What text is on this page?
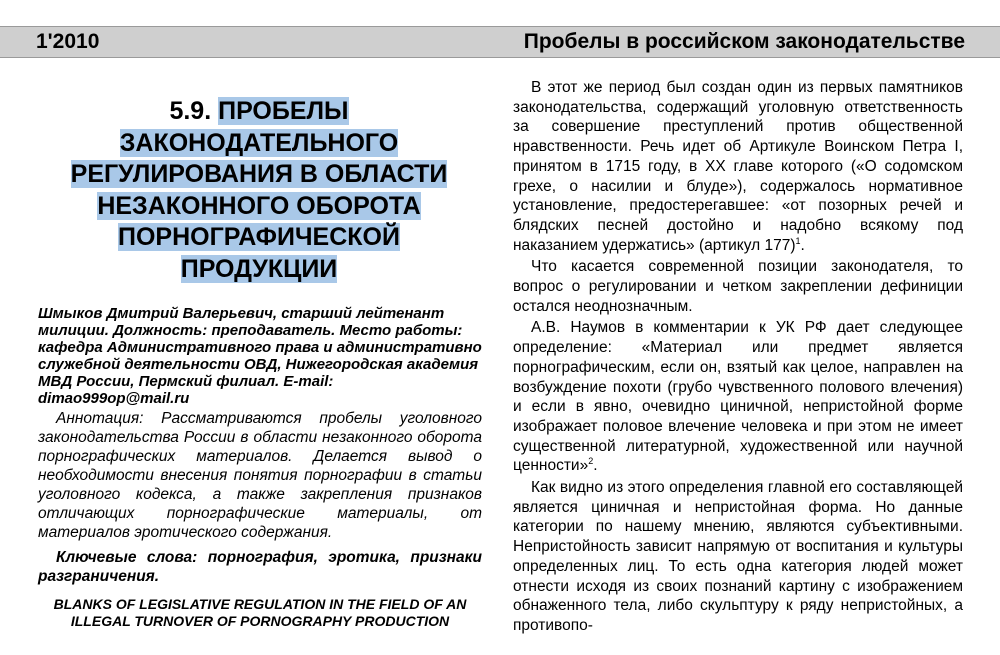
1'2010	Пробелы в российском законодательстве
5.9. ПРОБЕЛЫ
ЗАКОНОДАТЕЛЬНОГО
РЕГУЛИРОВАНИЯ В ОБЛАСТИ
НЕЗАКОННОГО ОБОРОТА
ПОРНОГРАФИЧЕСКОЙ
ПРОДУКЦИИ
Шмыков Дмитрий Валерьевич, старший лейтенант милиции. Должность: преподаватель. Место работы: кафедра Административного права и административно служебной деятельности ОВД, Нижегородская академия МВД России, Пермский филиал. E-mail: dimao999op@mail.ru
Аннотация: Рассматриваются пробелы уголовного законодательства России в области незаконного оборота порнографических материалов. Делается вывод о необходимости внесения понятия порнографии в статьи уголовного кодекса, а также закрепления признаков отличающих порнографические материалы, от материалов эротического содержания.
Ключевые слова: порнография, эротика, признаки разграничения.
BLANKS OF LEGISLATIVE REGULATION IN THE FIELD OF AN ILLEGAL TURNOVER OF PORNOGRAPHY PRODUCTION

В этот же период был создан один из первых памятников законодательства, содержащий уголовную ответственность за совершение преступлений против общественной нравственности. Речь идет об Артикуле Воинском Петра I, принятом в 1715 году, в XX главе которого («О содомском грехе, о насилии и блуде»), содержалось нормативное установление, предостерегавшее: «от позорных речей и блядских песней достойно и надобно всякому под наказанием удержатись» (артикул 177)$^1$.

Что касается современной позиции законодателя, то вопрос о регулировании и четком закреплении дефиниции остался неоднозначным.

А.В. Наумов в комментарии к УК РФ дает следующее определение: «Материал или предмет является порнографическим, если он, взятый как целое, направлен на возбуждение похоти (грубо чувственного полового влечения) и если в явно, очевидно циничной, непристойной форме изображает половое влечение человека и при этом не имеет существенной литературной, художественной или научной ценности»$^2$.

Как видно из этого определения главной его составляющей является циничная и непристойная форма. Но данные категории по нашему мнению, являются субъективными. Непристойность зависит напрямую от воспитания и культуры определенных лиц. То есть одна категория людей может отнести исходя из своих познаний картину с изображением обнаженного тела, либо скульптуру к ряду непристойных, а противопо-
